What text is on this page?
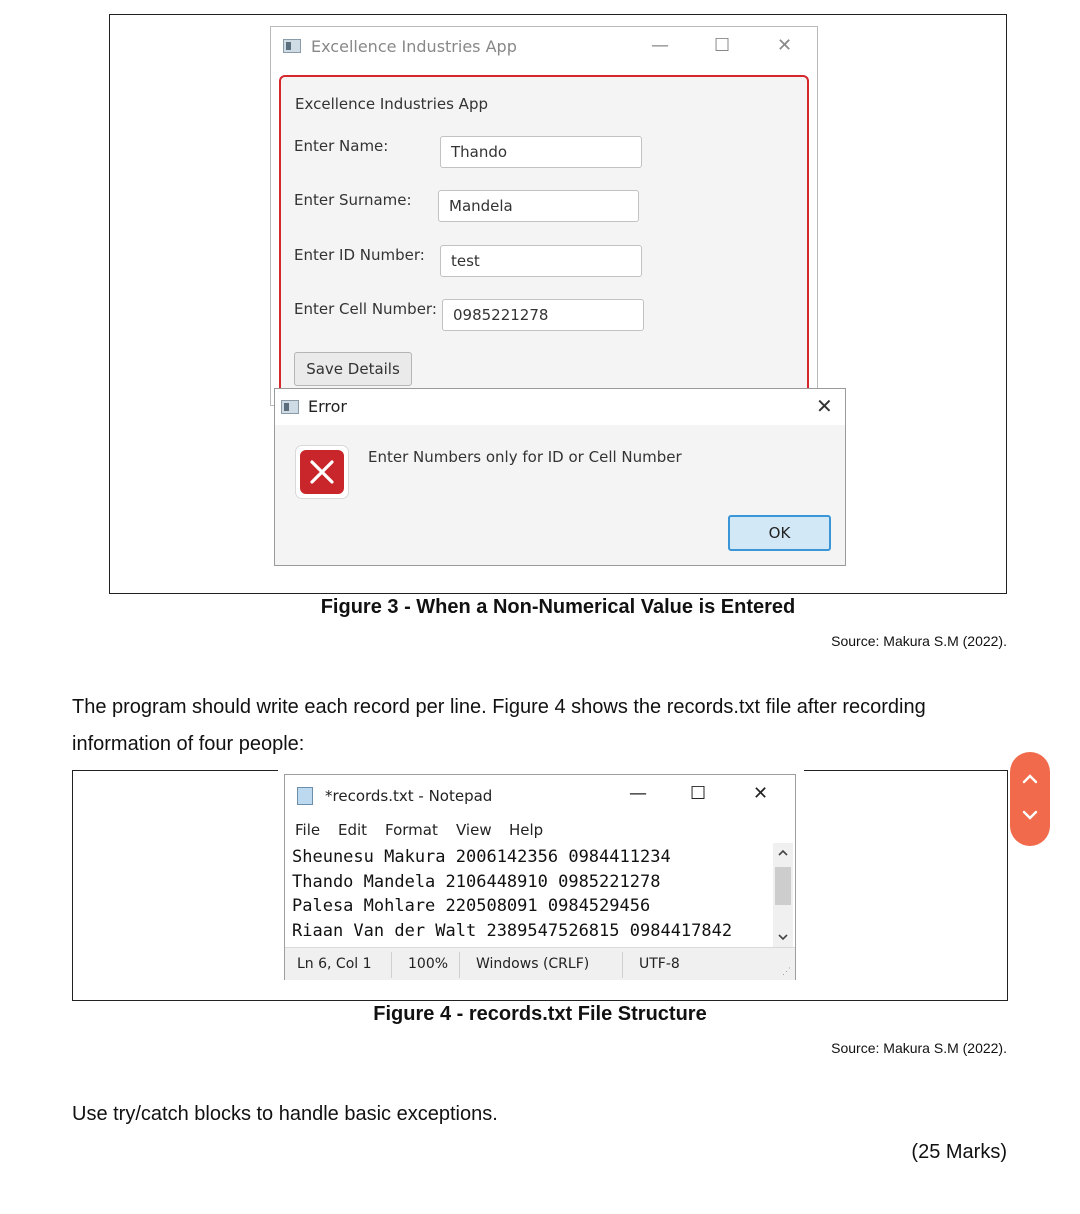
Excellence Industries App	—	☐	✕
Excellence Industries App
Enter Name:	Thando
Enter Surname:	Mandela
Enter ID Number:	test
Enter Cell Number:	0985221278
Save Details
Error	✕
Enter Numbers only for ID or Cell Number
OK
Figure 3 - When a Non-Numerical Value is Entered
Source: Makura S.M (2022).
The program should write each record per line. Figure 4 shows the records.txt file after recording information of four people:
*records.txt - Notepad	— ☐	✕
File Edit Format View Help
Sheunesu Makura 2006142356 0984411234
Thando Mandela 2106448910 0985221278
Palesa Mohlare 220508091 0984529456
Riaan Van der Walt 2389547526815 0984417842
Ln 6, Col 1	100% Windows (CRLF)	UTF-8	⋰
Figure 4 - records.txt File Structure
Source: Makura S.M (2022).
Use try/catch blocks to handle basic exceptions.
(25 Marks)
